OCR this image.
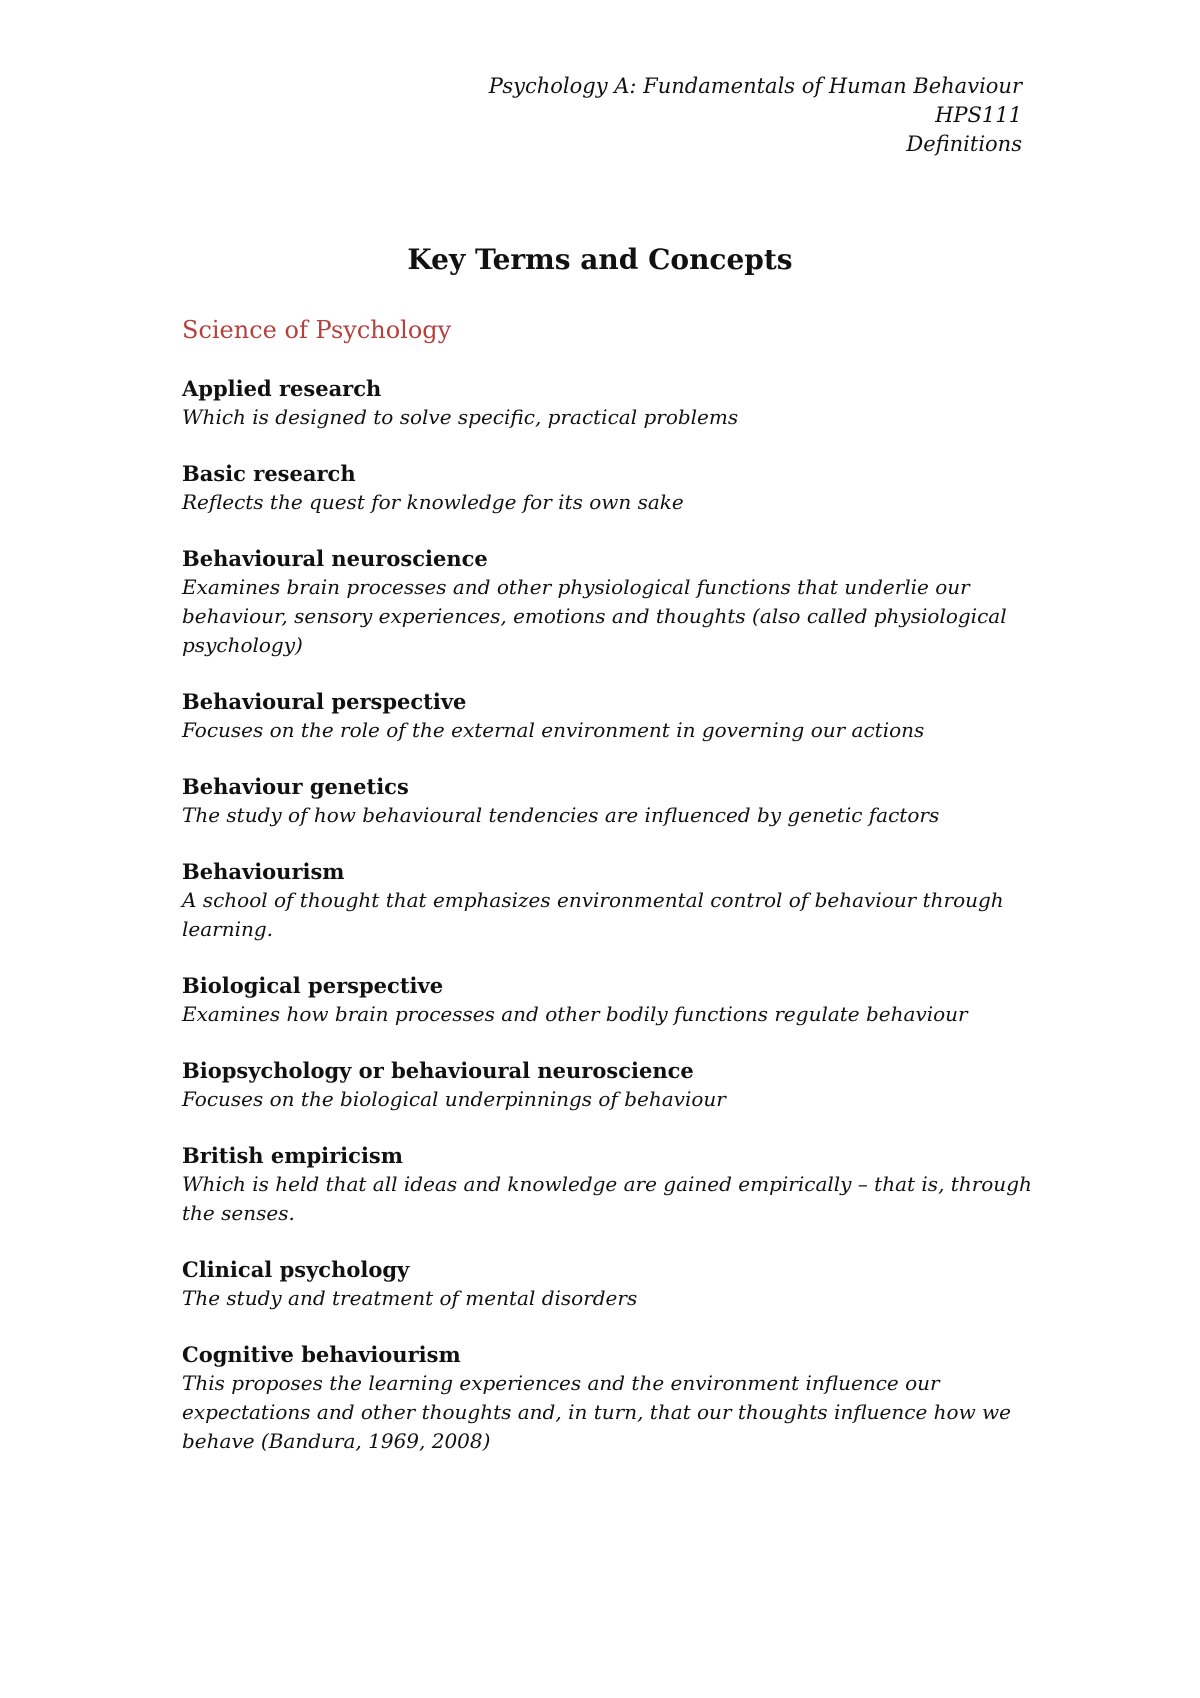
Psychology A: Fundamentals of Human Behaviour
HPS111
Definitions
Key Terms and Concepts
Science of Psychology
Applied research
Which is designed to solve specific, practical problems
Basic research
Reflects the quest for knowledge for its own sake
Behavioural neuroscience
Examines brain processes and other physiological functions that underlie our behaviour, sensory experiences, emotions and thoughts (also called physiological psychology)
Behavioural perspective
Focuses on the role of the external environment in governing our actions
Behaviour genetics
The study of how behavioural tendencies are influenced by genetic factors
Behaviourism
A school of thought that emphasizes environmental control of behaviour through learning.
Biological perspective
Examines how brain processes and other bodily functions regulate behaviour
Biopsychology or behavioural neuroscience
Focuses on the biological underpinnings of behaviour
British empiricism
Which is held that all ideas and knowledge are gained empirically – that is, through the senses.
Clinical psychology
The study and treatment of mental disorders
Cognitive behaviourism
This proposes the learning experiences and the environment influence our expectations and other thoughts and, in turn, that our thoughts influence how we behave (Bandura, 1969, 2008)
